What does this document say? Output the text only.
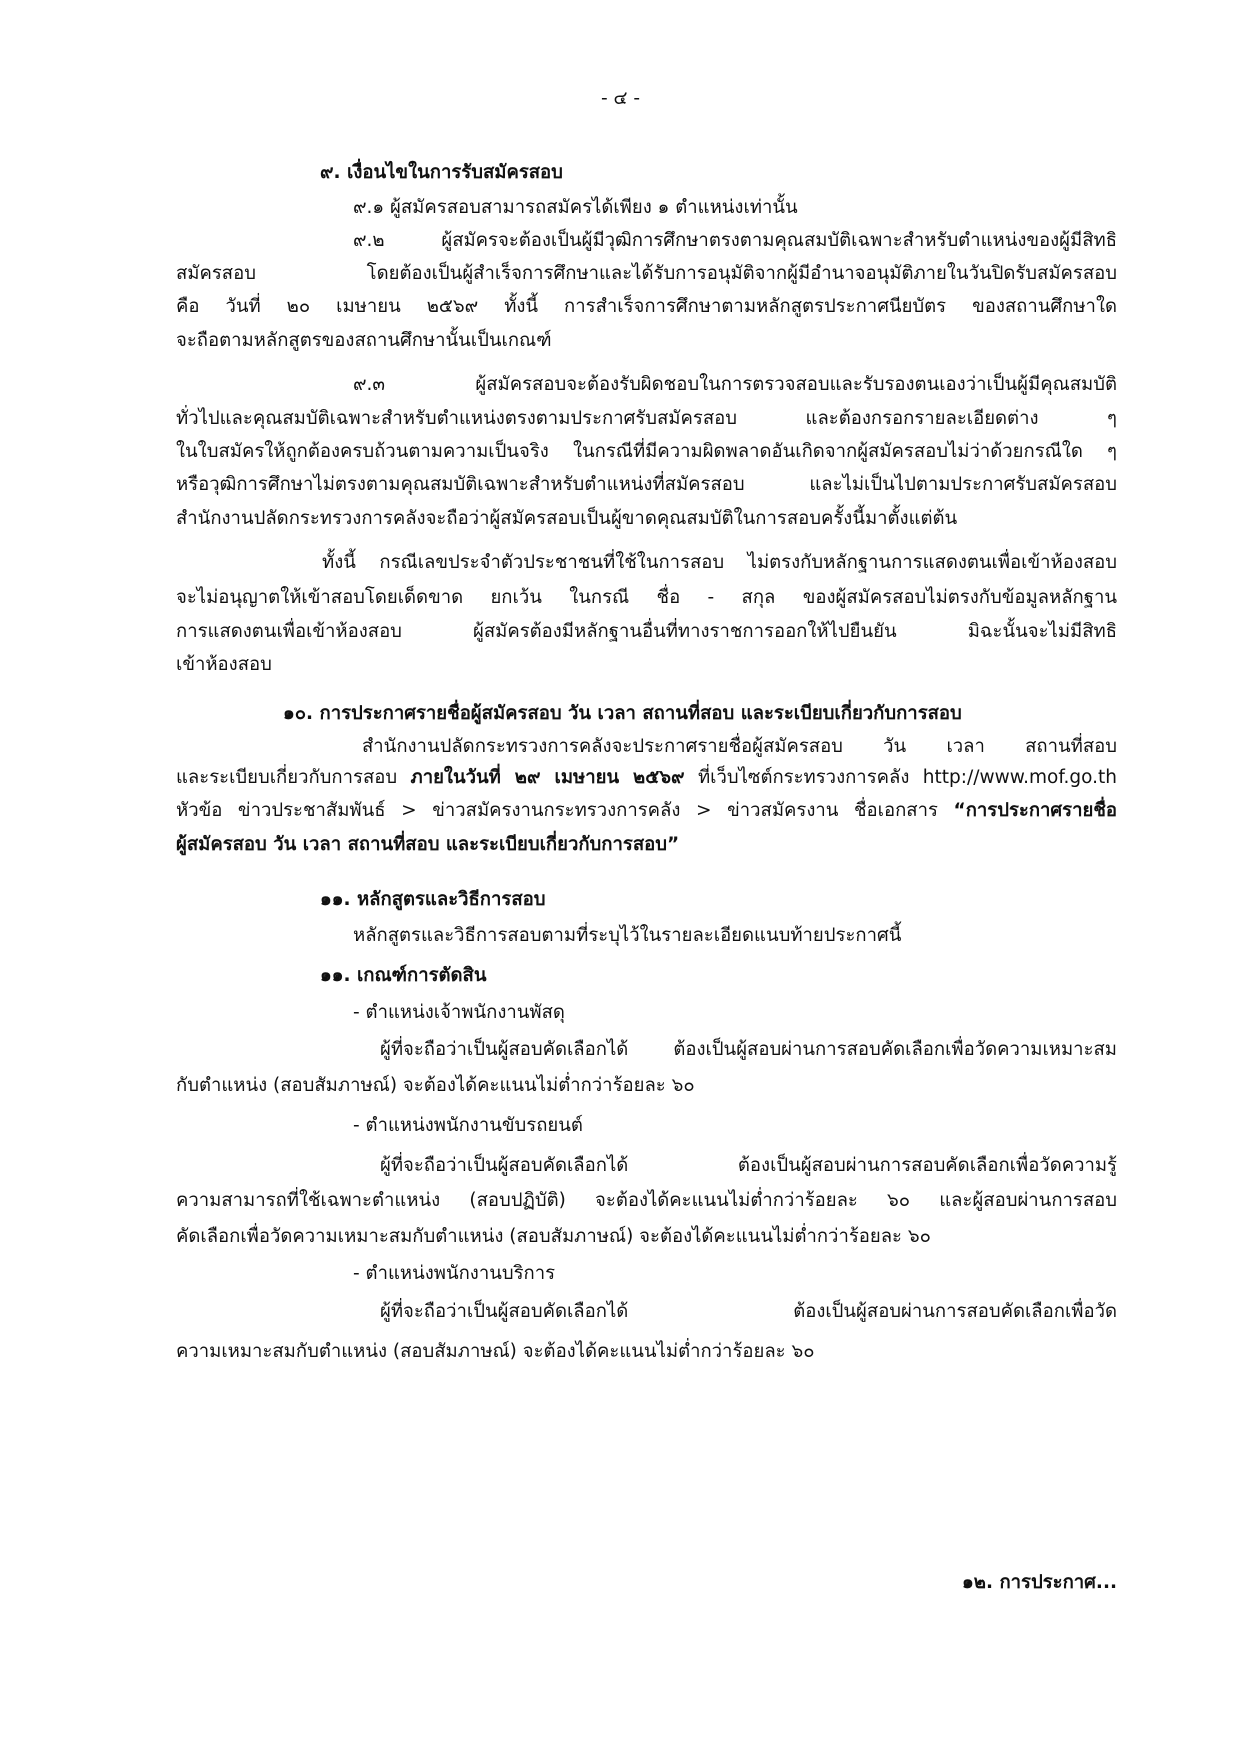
- ๔ -
๙. เงื่อนไขในการรับสมัครสอบ
๙.๑ ผู้สมัครสอบสามารถสมัครได้เพียง ๑ ตำแหน่งเท่านั้น
๙.๒ ผู้สมัครจะต้องเป็นผู้มีวุฒิการศึกษาตรงตามคุณสมบัติเฉพาะสำหรับตำแหน่งของผู้มีสิทธิ
สมัครสอบ โดยต้องเป็นผู้สำเร็จการศึกษาและได้รับการอนุมัติจากผู้มีอำนาจอนุมัติภายในวันปิดรับสมัครสอบ
คือ วันที่ ๒๐ เมษายน ๒๕๖๙ ทั้งนี้ การสำเร็จการศึกษาตามหลักสูตรประกาศนียบัตร ของสถานศึกษาใด
จะถือตามหลักสูตรของสถานศึกษานั้นเป็นเกณฑ์
๙.๓ ผู้สมัครสอบจะต้องรับผิดชอบในการตรวจสอบและรับรองตนเองว่าเป็นผู้มีคุณสมบัติ
ทั่วไปและคุณสมบัติเฉพาะสำหรับตำแหน่งตรงตามประกาศรับสมัครสอบ และต้องกรอกรายละเอียดต่าง ๆ
ในใบสมัครให้ถูกต้องครบถ้วนตามความเป็นจริง ในกรณีที่มีความผิดพลาดอันเกิดจากผู้สมัครสอบไม่ว่าด้วยกรณีใด ๆ
หรือวุฒิการศึกษาไม่ตรงตามคุณสมบัติเฉพาะสำหรับตำแหน่งที่สมัครสอบ และไม่เป็นไปตามประกาศรับสมัครสอบ
สำนักงานปลัดกระทรวงการคลังจะถือว่าผู้สมัครสอบเป็นผู้ขาดคุณสมบัติในการสอบครั้งนี้มาตั้งแต่ต้น
ทั้งนี้ กรณีเลขประจำตัวประชาชนที่ใช้ในการสอบ ไม่ตรงกับหลักฐานการแสดงตนเพื่อเข้าห้องสอบ
จะไม่อนุญาตให้เข้าสอบโดยเด็ดขาด ยกเว้น ในกรณี ชื่อ - สกุล ของผู้สมัครสอบไม่ตรงกับข้อมูลหลักฐาน
การแสดงตนเพื่อเข้าห้องสอบ ผู้สมัครต้องมีหลักฐานอื่นที่ทางราชการออกให้ไปยืนยัน มิฉะนั้นจะไม่มีสิทธิ
เข้าห้องสอบ
๑๐. การประกาศรายชื่อผู้สมัครสอบ วัน เวลา สถานที่สอบ และระเบียบเกี่ยวกับการสอบ
สำนักงานปลัดกระทรวงการคลังจะประกาศรายชื่อผู้สมัครสอบ วัน เวลา สถานที่สอบ
และระเบียบเกี่ยวกับการสอบ ภายในวันที่ ๒๙ เมษายน ๒๕๖๙ ที่เว็บไซต์กระทรวงการคลัง http://www.mof.go.th
หัวข้อ ข่าวประชาสัมพันธ์ > ข่าวสมัครงานกระทรวงการคลัง > ข่าวสมัครงาน ชื่อเอกสาร “การประกาศรายชื่อ
ผู้สมัครสอบ วัน เวลา สถานที่สอบ และระเบียบเกี่ยวกับการสอบ”
๑๑. หลักสูตรและวิธีการสอบ
หลักสูตรและวิธีการสอบตามที่ระบุไว้ในรายละเอียดแนบท้ายประกาศนี้
๑๑. เกณฑ์การตัดสิน
- ตำแหน่งเจ้าพนักงานพัสดุ
ผู้ที่จะถือว่าเป็นผู้สอบคัดเลือกได้ ต้องเป็นผู้สอบผ่านการสอบคัดเลือกเพื่อวัดความเหมาะสม
กับตำแหน่ง (สอบสัมภาษณ์) จะต้องได้คะแนนไม่ต่ำกว่าร้อยละ ๖๐
- ตำแหน่งพนักงานขับรถยนต์
ผู้ที่จะถือว่าเป็นผู้สอบคัดเลือกได้ ต้องเป็นผู้สอบผ่านการสอบคัดเลือกเพื่อวัดความรู้
ความสามารถที่ใช้เฉพาะตำแหน่ง (สอบปฏิบัติ) จะต้องได้คะแนนไม่ต่ำกว่าร้อยละ ๖๐ และผู้สอบผ่านการสอบ
คัดเลือกเพื่อวัดความเหมาะสมกับตำแหน่ง (สอบสัมภาษณ์) จะต้องได้คะแนนไม่ต่ำกว่าร้อยละ ๖๐
- ตำแหน่งพนักงานบริการ
ผู้ที่จะถือว่าเป็นผู้สอบคัดเลือกได้ ต้องเป็นผู้สอบผ่านการสอบคัดเลือกเพื่อวัด
ความเหมาะสมกับตำแหน่ง (สอบสัมภาษณ์) จะต้องได้คะแนนไม่ต่ำกว่าร้อยละ ๖๐
๑๒. การประกาศ...
